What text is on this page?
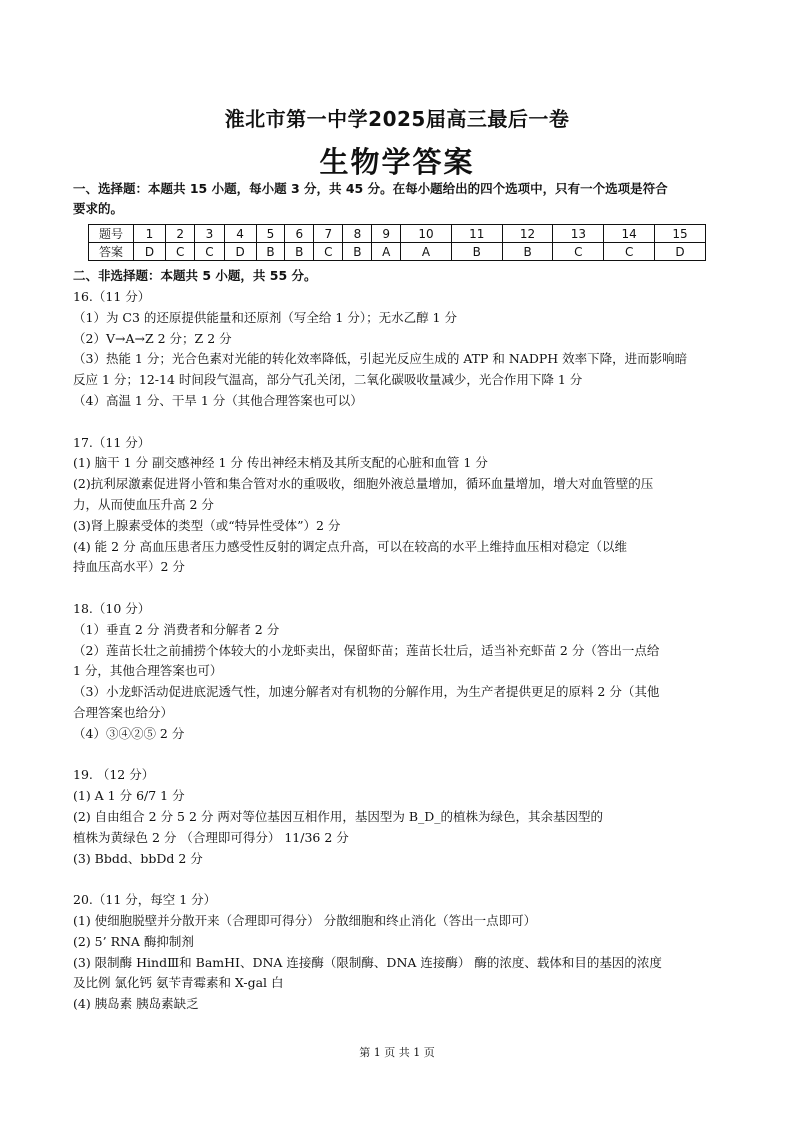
淮北市第一中学2025届高三最后一卷
生物学答案
一、选择题：本题共 15 小题，每小题 3 分，共 45 分。在每小题给出的四个选项中，只有一个选项是符合
要求的。
题号	1	2	3	4	5	6	7	8	9	10	11	12	13	14	15
答案	D	C	C	D	B	B	C	B	A	A	B	B	C	C	D
二、非选择题：本题共 5 小题，共 55 分。

16.（11 分）

（1）为 C3 的还原提供能量和还原剂（写全给 1 分）；无水乙醇 1 分

（2）V→A→Z 2 分；Z 2 分

（3）热能 1 分；光合色素对光能的转化效率降低，引起光反应生成的 ATP 和 NADPH 效率下降，进而影响暗

反应 1 分；12-14 时间段气温高，部分气孔关闭，二氧化碳吸收量减少，光合作用下降 1 分

（4）高温 1 分、干旱 1 分（其他合理答案也可以）

17.（11 分）

(1) 脑干 1 分 副交感神经 1 分 传出神经末梢及其所支配的心脏和血管 1 分

(2)抗利尿激素促进肾小管和集合管对水的重吸收，细胞外液总量增加，循环血量增加，增大对血管壁的压

力，从而使血压升高 2 分

(3)肾上腺素受体的类型（或“特异性受体”）2 分

(4) 能 2 分 高血压患者压力感受性反射的调定点升高，可以在较高的水平上维持血压相对稳定（以维

持血压高水平）2 分

18.（10 分）

（1）垂直 2 分 消费者和分解者 2 分

（2）莲苗长壮之前捕捞个体较大的小龙虾卖出，保留虾苗；莲苗长壮后，适当补充虾苗 2 分（答出一点给

1 分，其他合理答案也可）

（3）小龙虾活动促进底泥透气性，加速分解者对有机物的分解作用，为生产者提供更足的原料 2 分（其他

合理答案也给分）

（4）③④②⑤ 2 分

19. （12 分）

(1) A 1 分 6/7 1 分

(2) 自由组合 2 分 5 2 分 两对等位基因互相作用，基因型为 B_D_的植株为绿色，其余基因型的

植株为黄绿色 2 分 （合理即可得分） 11/36 2 分

(3) Bbdd、bbDd 2 分

20.（11 分，每空 1 分）

(1) 使细胞脱壁并分散开来（合理即可得分） 分散细胞和终止消化（答出一点即可）

(2) 5’ RNA 酶抑制剂

(3) 限制酶 HindⅢ和 BamHI、DNA 连接酶（限制酶、DNA 连接酶） 酶的浓度、载体和目的基因的浓度

及比例 氯化钙 氨苄青霉素和 X-gal 白

(4) 胰岛素 胰岛素缺乏

第 1 页 共 1 页
